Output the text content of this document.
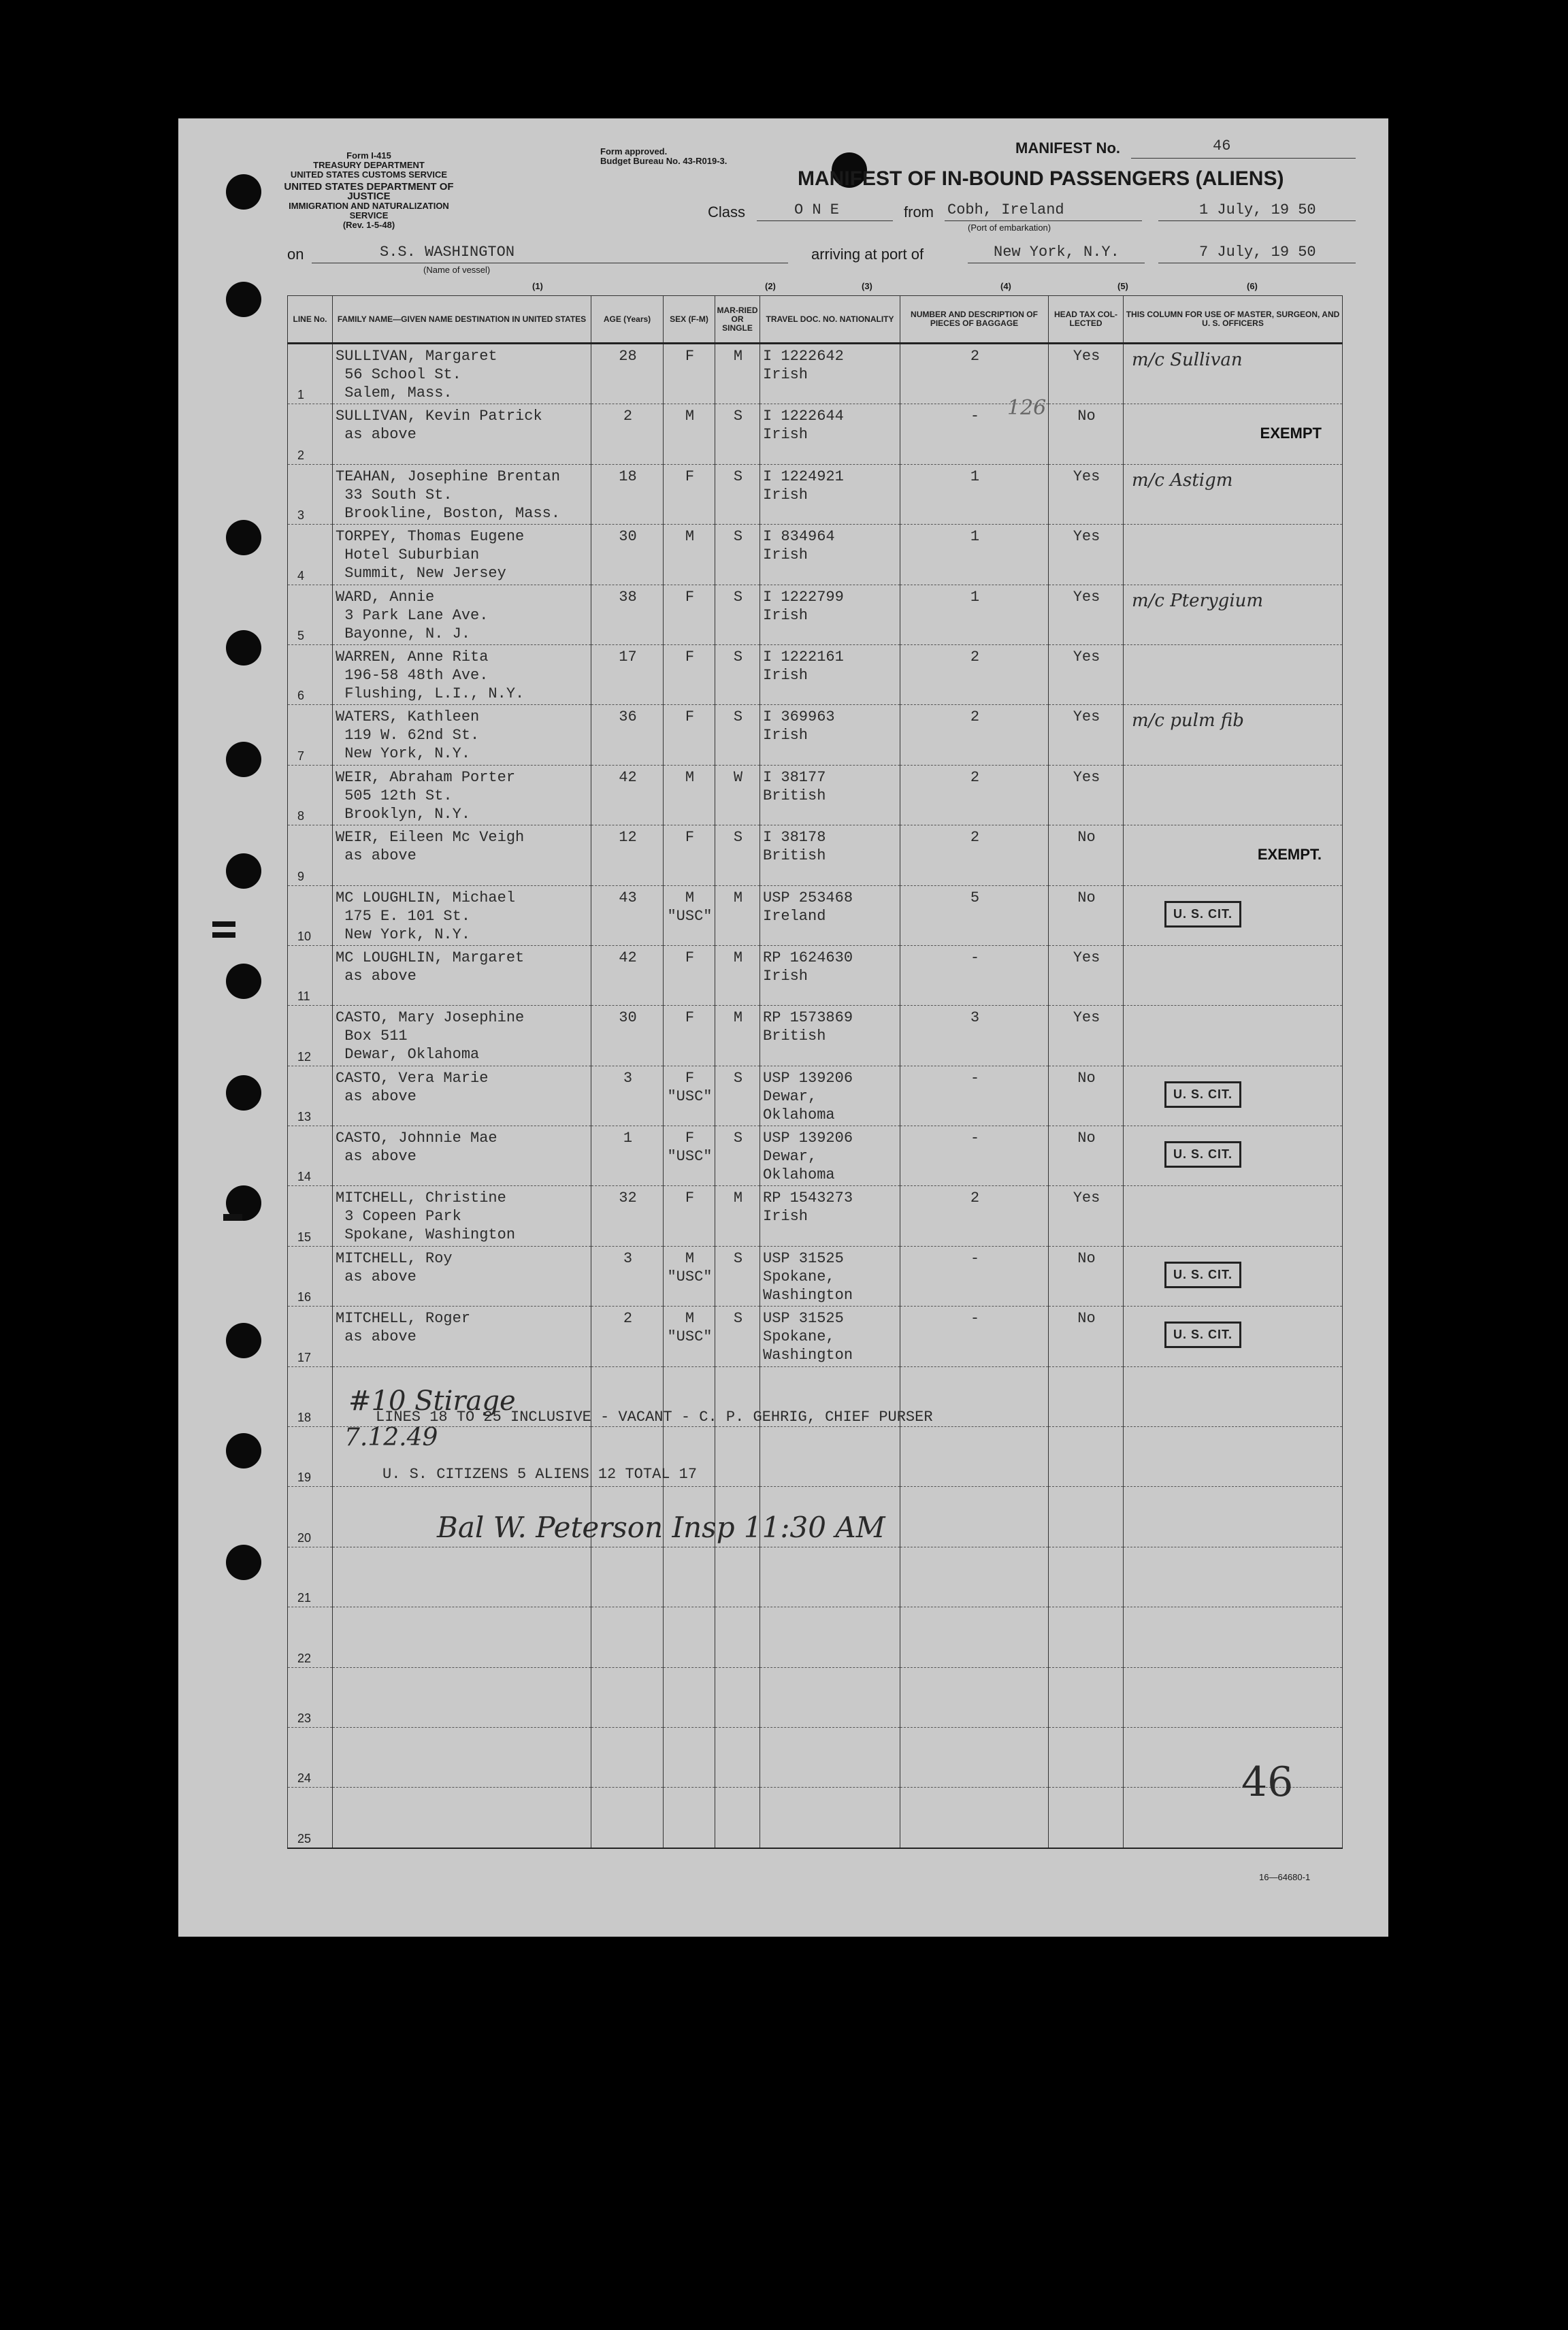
Form I-415
TREASURY DEPARTMENT
UNITED STATES CUSTOMS SERVICE
UNITED STATES DEPARTMENT OF JUSTICE
IMMIGRATION AND NATURALIZATION SERVICE
(Rev. 1-5-48)
Form approved.
Budget Bureau No. 43-R019-3.
MANIFEST No.	46
MANIFEST OF IN-BOUND PASSENGERS (ALIENS)
Class	O N E	from Cobh, Ireland
(Port of embarkation)
1 July, 19 50
on	S.S. WASHINGTON
(Name of vessel)
arriving at port of	New York, N.Y.	7 July, 19 50
(1)	(2)	(3)	(4)	(5)	(6)
LINE No.	FAMILY NAME—GIVEN NAME DESTINATION IN UNITED STATES	AGE (Years)	SEX (F-M)	MAR-RIED OR SINGLE	TRAVEL DOC. NO. NATIONALITY	NUMBER AND DESCRIPTION OF PIECES OF BAGGAGE	HEAD TAX COL-LECTED	THIS COLUMN FOR USE OF MASTER, SURGEON, AND U. S. OFFICERS

1	SULLIVAN, Margaret
56 School St.
Salem, Mass.	28	F	M	I 1222642
Irish	2	Yes	m/c Sullivan

2	SULLIVAN, Kevin Patrick
as above	2	M	S	I 1222644
Irish	-	No	EXEMPT

3	TEAHAN, Josephine Brentan
33 South St.
Brookline, Boston, Mass.	18	F	S	I 1224921
Irish	1	Yes	m/c Astigm

4	TORPEY, Thomas Eugene
Hotel Suburbian
Summit, New Jersey	30	M	S	I 834964
Irish	1	Yes	

5	WARD, Annie
3 Park Lane Ave.
Bayonne, N. J.	38	F	S	I 1222799
Irish	1	Yes	m/c Pterygium

6	WARREN, Anne Rita
196-58 48th Ave.
Flushing, L.I., N.Y.	17	F	S	I 1222161
Irish	2	Yes	

7	WATERS, Kathleen
119 W. 62nd St.
New York, N.Y.	36	F	S	I 369963
Irish	2	Yes	m/c pulm fib

8	WEIR, Abraham Porter
505 12th St.
Brooklyn, N.Y.	42	M	W	I 38177
British	2	Yes	

9	WEIR, Eileen Mc Veigh
as above	12	F	S	I 38178
British	2	No	EXEMPT.

10	MC LOUGHLIN, Michael
175 E. 101 St.
New York, N.Y.	43	M
"USC"	M	USP 253468
Ireland	5	No	U. S. CIT.

11	MC LOUGHLIN, Margaret
as above	42	F	M	RP 1624630
Irish	-	Yes	

12	CASTO, Mary Josephine
Box 511
Dewar, Oklahoma	30	F	M	RP 1573869
British	3	Yes	

13	CASTO, Vera Marie
as above	3	F
"USC"	S	USP 139206
Dewar,
Oklahoma	-	No	U. S. CIT.

14	CASTO, Johnnie Mae
as above	1	F
"USC"	S	USP 139206
Dewar,
Oklahoma	-	No	U. S. CIT.

15	MITCHELL, Christine
3 Copeen Park
Spokane, Washington	32	F	M	RP 1543273
Irish	2	Yes	

16	MITCHELL, Roy
as above	3	M
"USC"	S	USP 31525
Spokane,
Washington	-	No	U. S. CIT.

17	MITCHELL, Roger
as above	2	M
"USC"	S	USP 31525
Spokane,
Washington	-	No	U. S. CIT.

18								

19								

20								

21								

22								

23								

24								

25								

#10 Stirage
LINES 18 TO 25 INCLUSIVE - VACANT - C. P. GEHRIG, CHIEF PURSER
7.12.49
U. S. CITIZENS 5 ALIENS 12 TOTAL 17
Bal W. Peterson Insp 11:30 AM
46
126
16—64680-1
